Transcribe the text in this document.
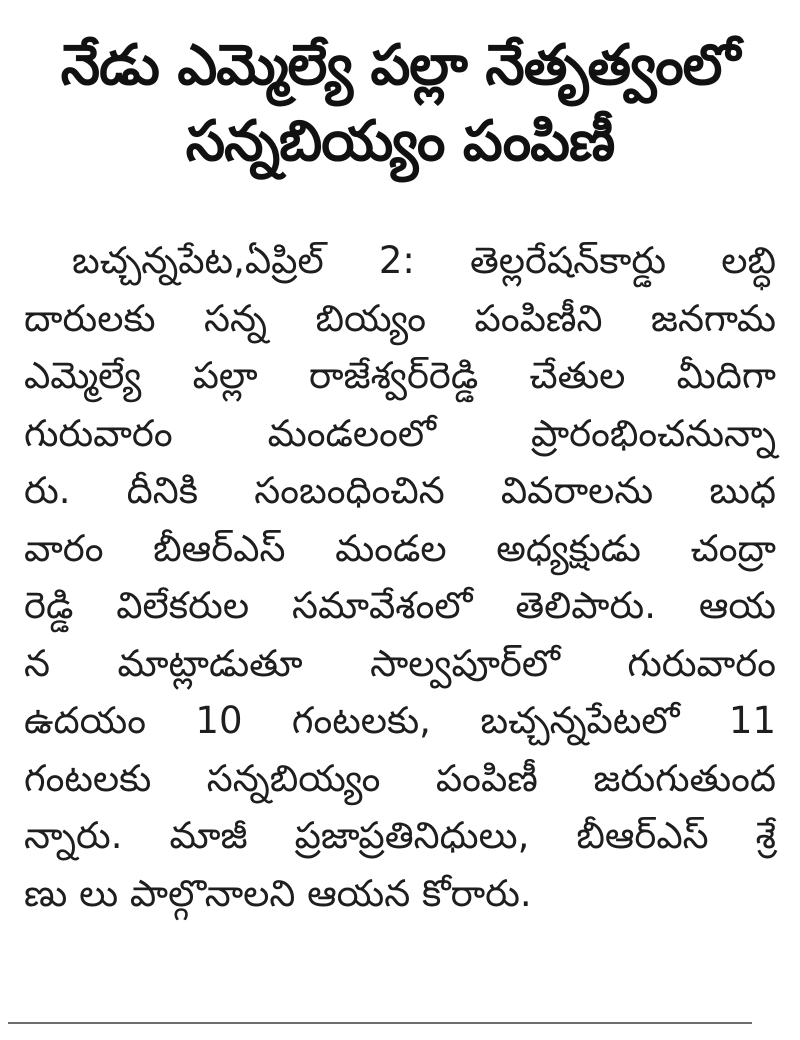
నేడు ఎమ్మెల్యే పల్లా నేతృత్వంలో
సన్నబియ్యం పంపిణీ
బచ్చన్నపేట,ఏప్రిల్ 2: తెల్లరేషన్‌కార్డు లబ్ధి
దారులకు సన్న బియ్యం పంపిణీని జనగామ
ఎమ్మెల్యే పల్లా రాజేశ్వర్‌రెడ్డి చేతుల మీదిగా
గురువారం మండలంలో ప్రారంభించనున్నా
రు. దీనికి సంబంధించిన వివరాలను బుధ
వారం బీఆర్‌ఎస్ మండల అధ్యక్షుడు చంద్రా
రెడ్డి విలేకరుల సమావేశంలో తెలిపారు. ఆయ
న మాట్లాడుతూ సాల్వపూర్‌లో గురువారం
ఉదయం 10 గంటలకు, బచ్చన్నపేటలో 11
గంటలకు సన్నబియ్యం పంపిణీ జరుగుతుంద
న్నారు. మాజీ ప్రజాప్రతినిధులు, బీఆర్‌ఎస్ శ్రే
ణు లు పాల్గొనాలని ఆయన కోరారు.
